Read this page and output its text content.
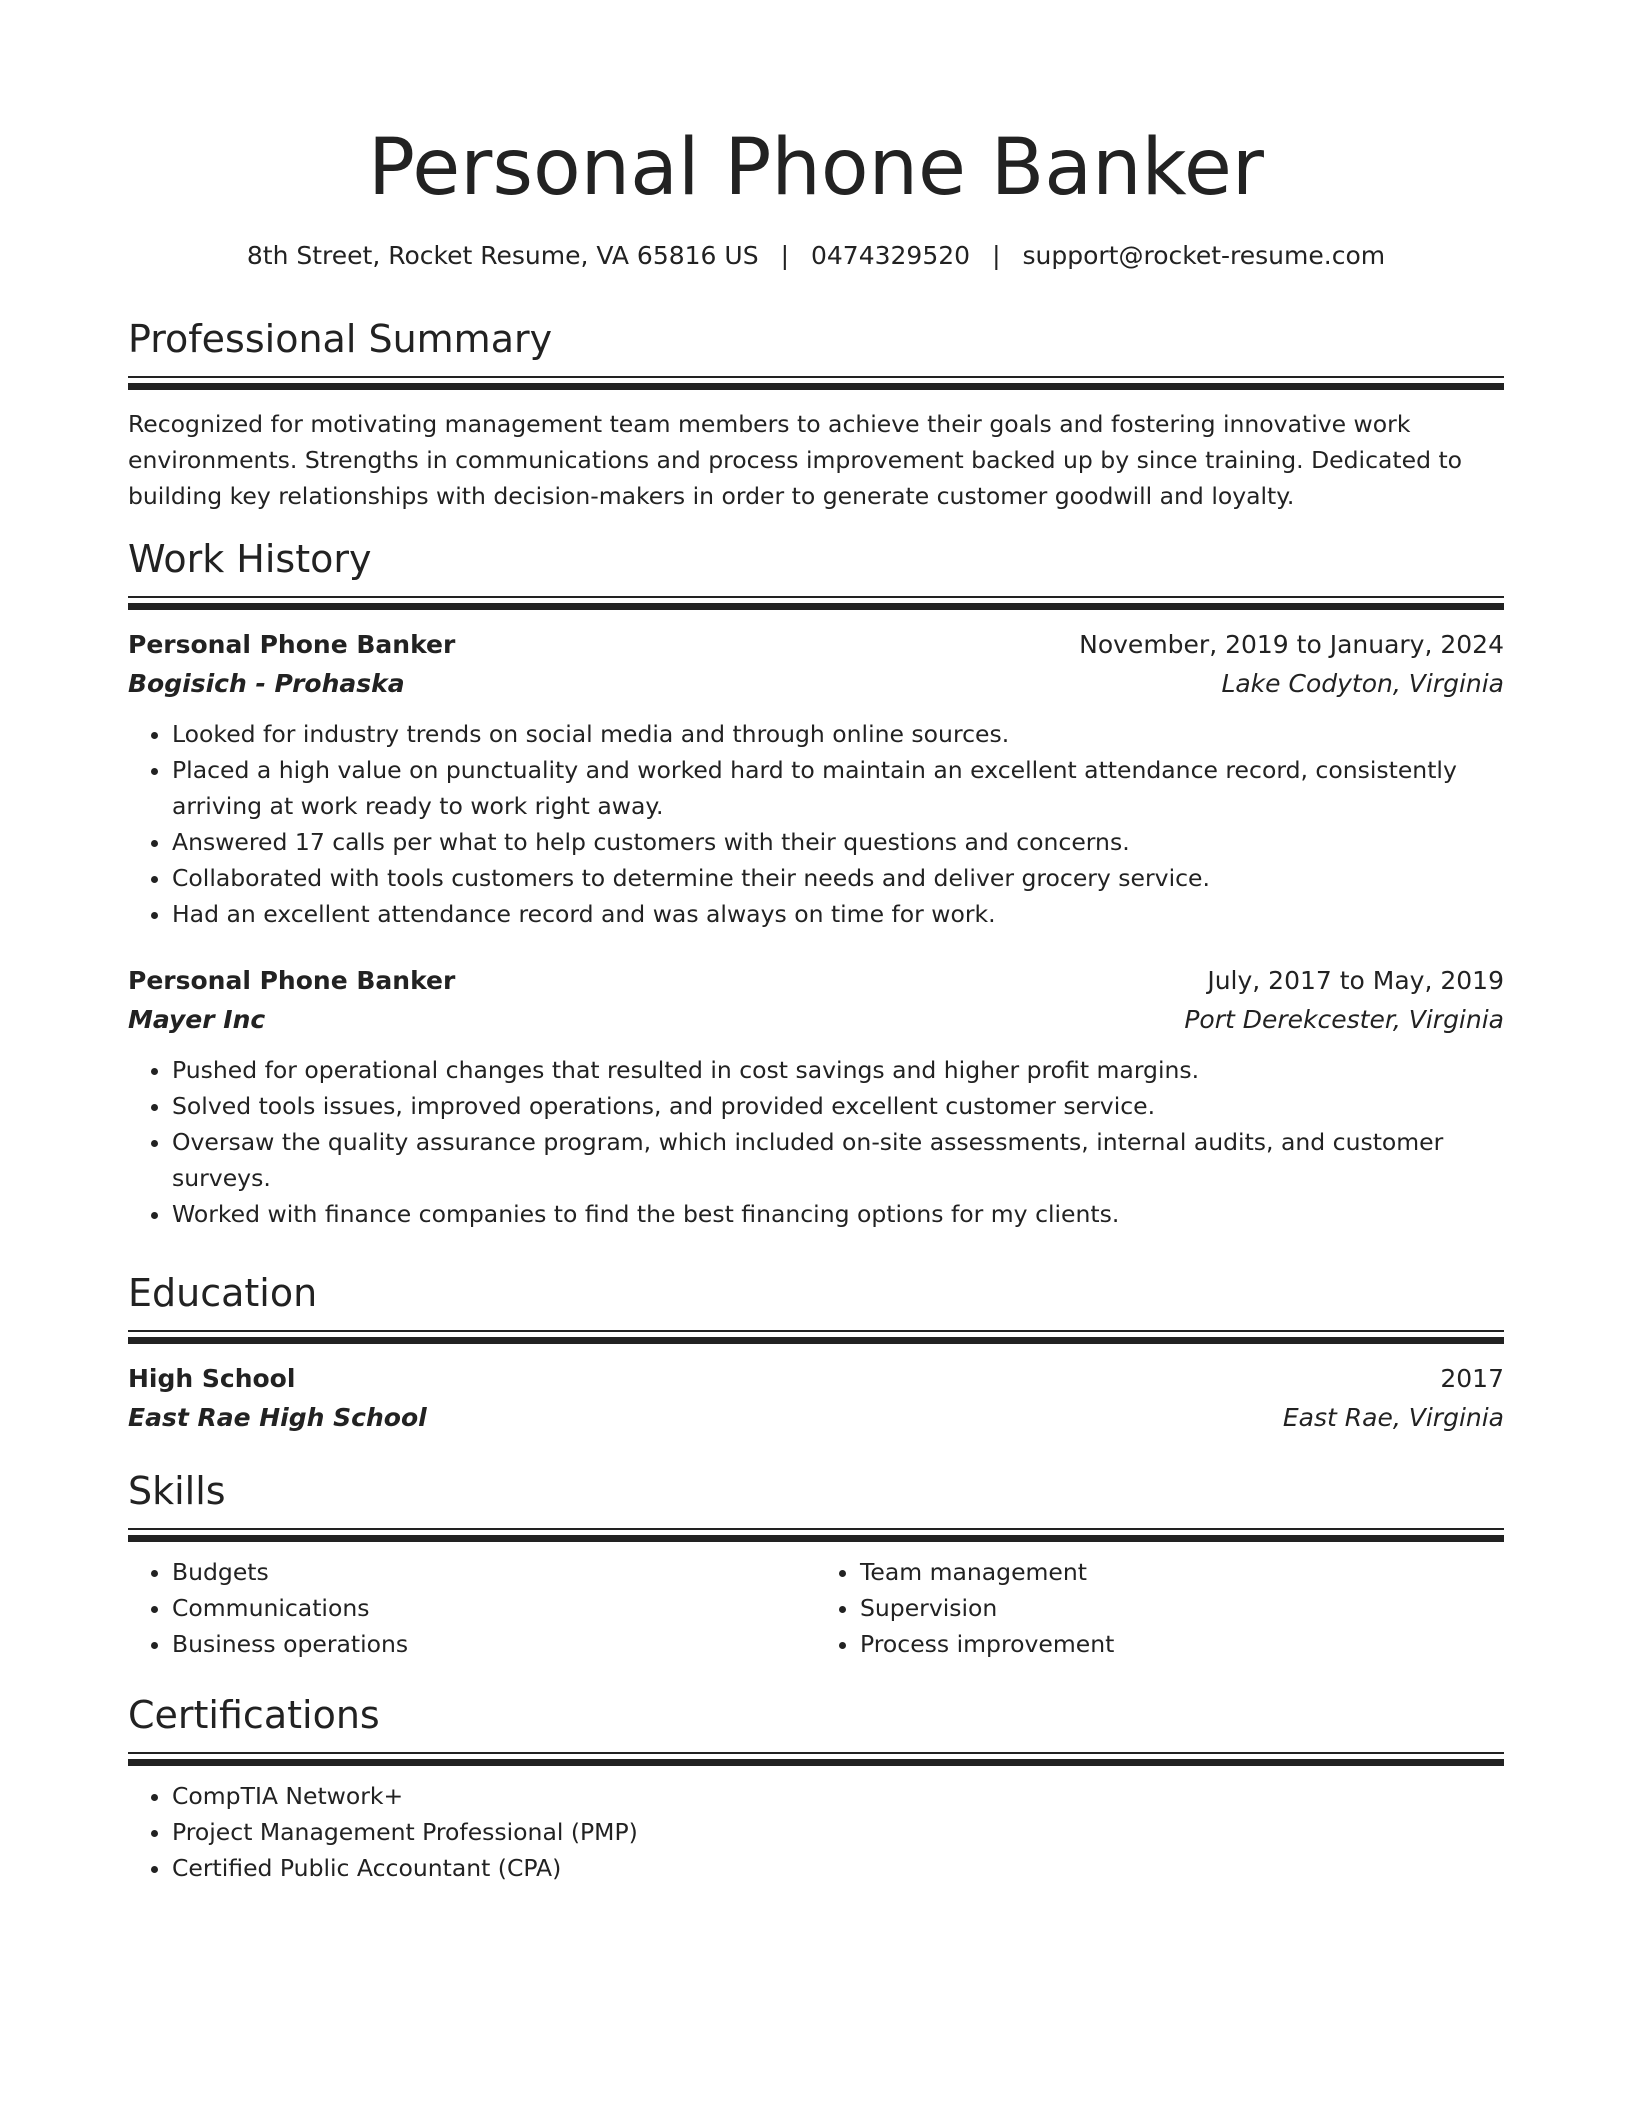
Personal Phone Banker
8th Street, Rocket Resume, VA 65816 US | 0474329520 | support@rocket-resume.com
Professional Summary

Recognized for motivating management team members to achieve their goals and fostering innovative work environments. Strengths in communications and process improvement backed up by since training. Dedicated to building key relationships with decision-makers in order to generate customer goodwill and loyalty.

Work History
Personal Phone Banker	November, 2019 to January, 2024
Bogisich - Prohaska	Lake Codyton, Virginia
• Looked for industry trends on social media and through online sources.
• Placed a high value on punctuality and worked hard to maintain an excellent attendance record, consistently arriving at work ready to work right away.
• Answered 17 calls per what to help customers with their questions and concerns.
• Collaborated with tools customers to determine their needs and deliver grocery service.
• Had an excellent attendance record and was always on time for work.
Personal Phone Banker	July, 2017 to May, 2019
Mayer Inc	Port Derekcester, Virginia
• Pushed for operational changes that resulted in cost savings and higher profit margins.
• Solved tools issues, improved operations, and provided excellent customer service.
• Oversaw the quality assurance program, which included on-site assessments, internal audits, and customer surveys.
• Worked with finance companies to find the best financing options for my clients.
Education
High School	2017
East Rae High School	East Rae, Virginia
Skills
• Budgets
• Communications
• Business operations
• Team management
• Supervision
• Process improvement
Certifications
• CompTIA Network+
• Project Management Professional (PMP)
• Certified Public Accountant (CPA)
